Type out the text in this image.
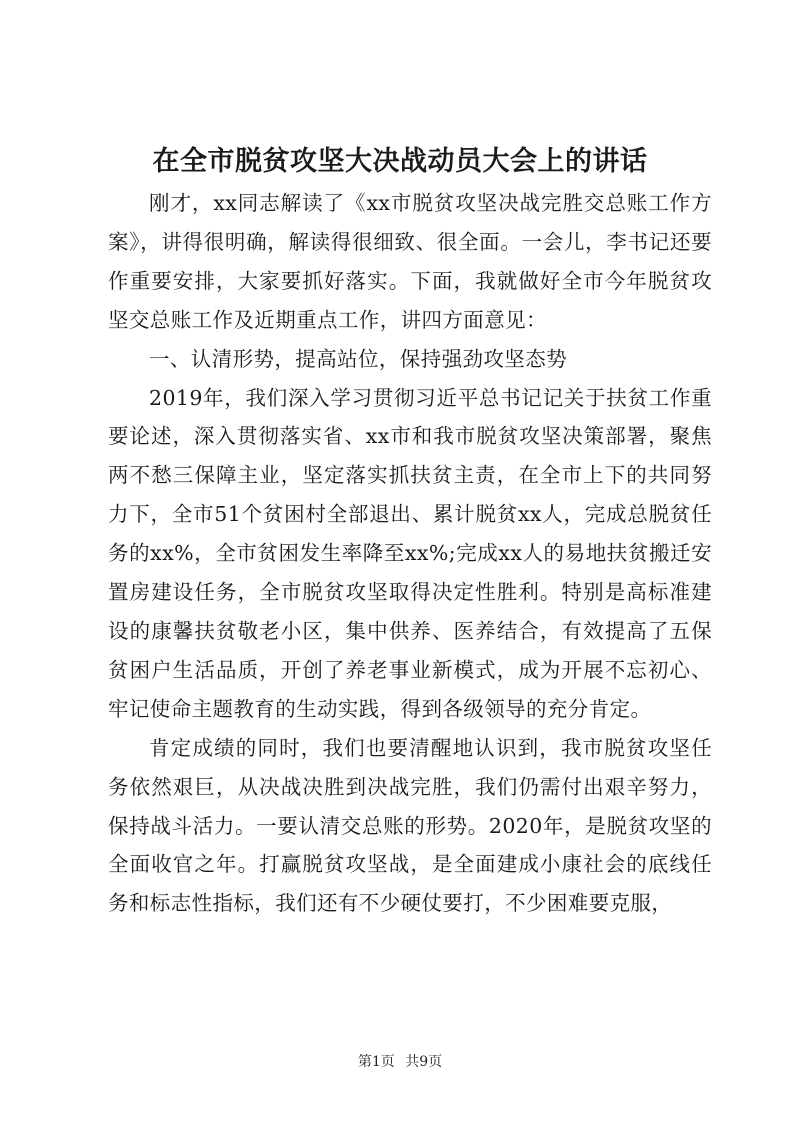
在全市脱贫攻坚大决战动员大会上的讲话

刚才，xx同志解读了《xx市脱贫攻坚决战完胜交总账工作方案》，讲得很明确，解读得很细致、很全面。一会儿，李书记还要作重要安排，大家要抓好落实。下面，我就做好全市今年脱贫攻坚交总账工作及近期重点工作，讲四方面意见：

一、认清形势，提高站位，保持强劲攻坚态势

2019年，我们深入学习贯彻习近平总书记记关于扶贫工作重要论述，深入贯彻落实省、xx市和我市脱贫攻坚决策部署，聚焦两不愁三保障主业，坚定落实抓扶贫主责，在全市上下的共同努力下，全市51个贫困村全部退出、累计脱贫xx人，完成总脱贫任务的xx%，全市贫困发生率降至xx%;完成xx人的易地扶贫搬迁安置房建设任务，全市脱贫攻坚取得决定性胜利。特别是高标准建设的康馨扶贫敬老小区，集中供养、医养结合，有效提高了五保贫困户生活品质，开创了养老事业新模式，成为开展不忘初心、牢记使命主题教育的生动实践，得到各级领导的充分肯定。

肯定成绩的同时，我们也要清醒地认识到，我市脱贫攻坚任务依然艰巨，从决战决胜到决战完胜，我们仍需付出艰辛努力，保持战斗活力。一要认清交总账的形势。2020年，是脱贫攻坚的全面收官之年。打赢脱贫攻坚战，是全面建成小康社会的底线任务和标志性指标，我们还有不少硬仗要打，不少困难要克服，

第1页 共9页
